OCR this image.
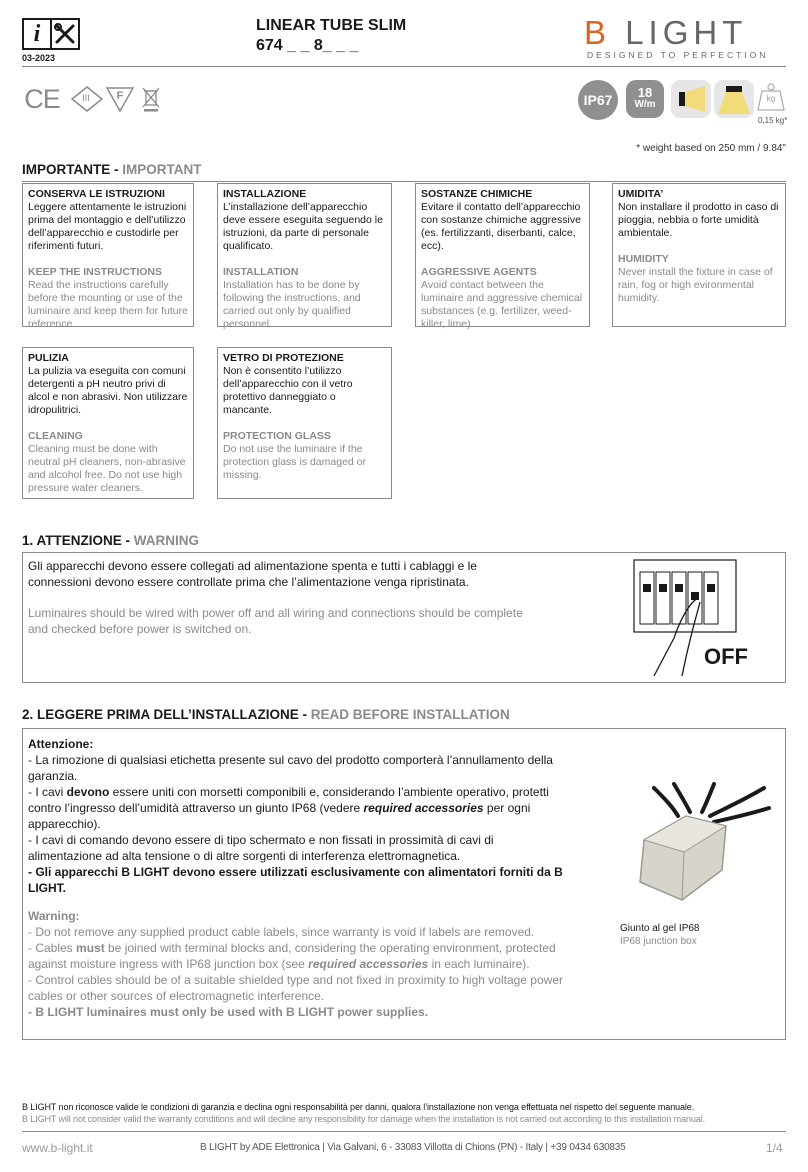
i
03-2023
LINEAR TUBE SLIM
674 _ _ 8_ _ _	B LIGHT
DESIGNED TO PERFECTION
CE	III	F	IP67	18
W/m
kg
0,15 kg*
* weight based on 250 mm / 9.84"
IMPORTANTE - IMPORTANT
CONSERVA LE ISTRUZIONI
Leggere attentamente le istruzioni prima del montaggio e dell’utilizzo dell’apparecchio e custodirle per riferimenti futuri.
KEEP THE INSTRUCTIONS
Read the instructions carefully before the mounting or use of the luminaire and keep them for future reference.
INSTALLAZIONE
L’installazione dell’apparecchio deve essere eseguita seguendo le istruzioni, da parte di personale qualificato.
INSTALLATION
Installation has to be done by following the instructions, and carried out only by qualified personnel.
SOSTANZE CHIMICHE
Evitare il contatto dell’apparecchio con sostanze chimiche aggressive (es. fertilizzanti, diserbanti, calce, ecc).
AGGRESSIVE AGENTS
Avoid contact between the luminaire and aggressive chemical substances (e.g. fertilizer, weed-killer, lime).
UMIDITA’
Non installare il prodotto in caso di pioggia, nebbia o forte umidità ambientale.
HUMIDITY
Never install the fixture in case of rain, fog or high evironmental humidity.
PULIZIA
La pulizia va eseguita con comuni detergenti a pH neutro privi di alcol e non abrasivi. Non utilizzare idropulitrici.
CLEANING
Cleaning must be done with neutral pH cleaners, non-abrasive and alcohol free. Do not use high pressure water cleaners.
VETRO DI PROTEZIONE
Non è consentito l’utilizzo dell’apparecchio con il vetro protettivo danneggiato o mancante.
PROTECTION GLASS
Do not use the luminaire if the protection glass is damaged or missing.
1. ATTENZIONE - WARNING
Gli apparecchi devono essere collegati ad alimentazione spenta e tutti i cablaggi e le connessioni devono essere controllate prima che l’alimentazione venga ripristinata.
Luminaires should be wired with power off and all wiring and connections should be complete and checked before power is switched on.
OFF
2. LEGGERE PRIMA DELL’INSTALLAZIONE - READ BEFORE INSTALLATION
Attenzione:
- La rimozione di qualsiasi etichetta presente sul cavo del prodotto comporterà l’annullamento della garanzia.
- I cavi devono essere uniti con morsetti componibili e, considerando l’ambiente operativo, protetti contro l’ingresso dell’umidità attraverso un giunto IP68 (vedere required accessories per ogni apparecchio).
- I cavi di comando devono essere di tipo schermato e non fissati in prossimità di cavi di alimentazione ad alta tensione o di altre sorgenti di interferenza elettromagnetica.
- Gli apparecchi B LIGHT devono essere utilizzati esclusivamente con alimentatori forniti da B LIGHT.
Warning:
- Do not remove any supplied product cable labels, since warranty is void if labels are removed.
- Cables must be joined with terminal blocks and, considering the operating environment, protected against moisture ingress with IP68 junction box (see required accessories in each luminaire).
- Control cables should be of a suitable shielded type and not fixed in proximity to high voltage power cables or other sources of electromagnetic interference.
- B LIGHT luminaires must only be used with B LIGHT power supplies.
Giunto al gel IP68
IP68 junction box
B LIGHT non riconosce valide le condizioni di garanzia e declina ogni responsabilità per danni, qualora l’installazione non venga effettuata nel rispetto del seguente manuale.
B LIGHT will not consider valid the warranty conditions and will decline any responsibility for damage when the installation is not carried out according to this installation manual.
www.b-light.it	B LIGHT by ADE Elettronica | Via Galvani, 6 - 33083 Villotta di Chions (PN) - Italy | +39 0434 630835	1/4
